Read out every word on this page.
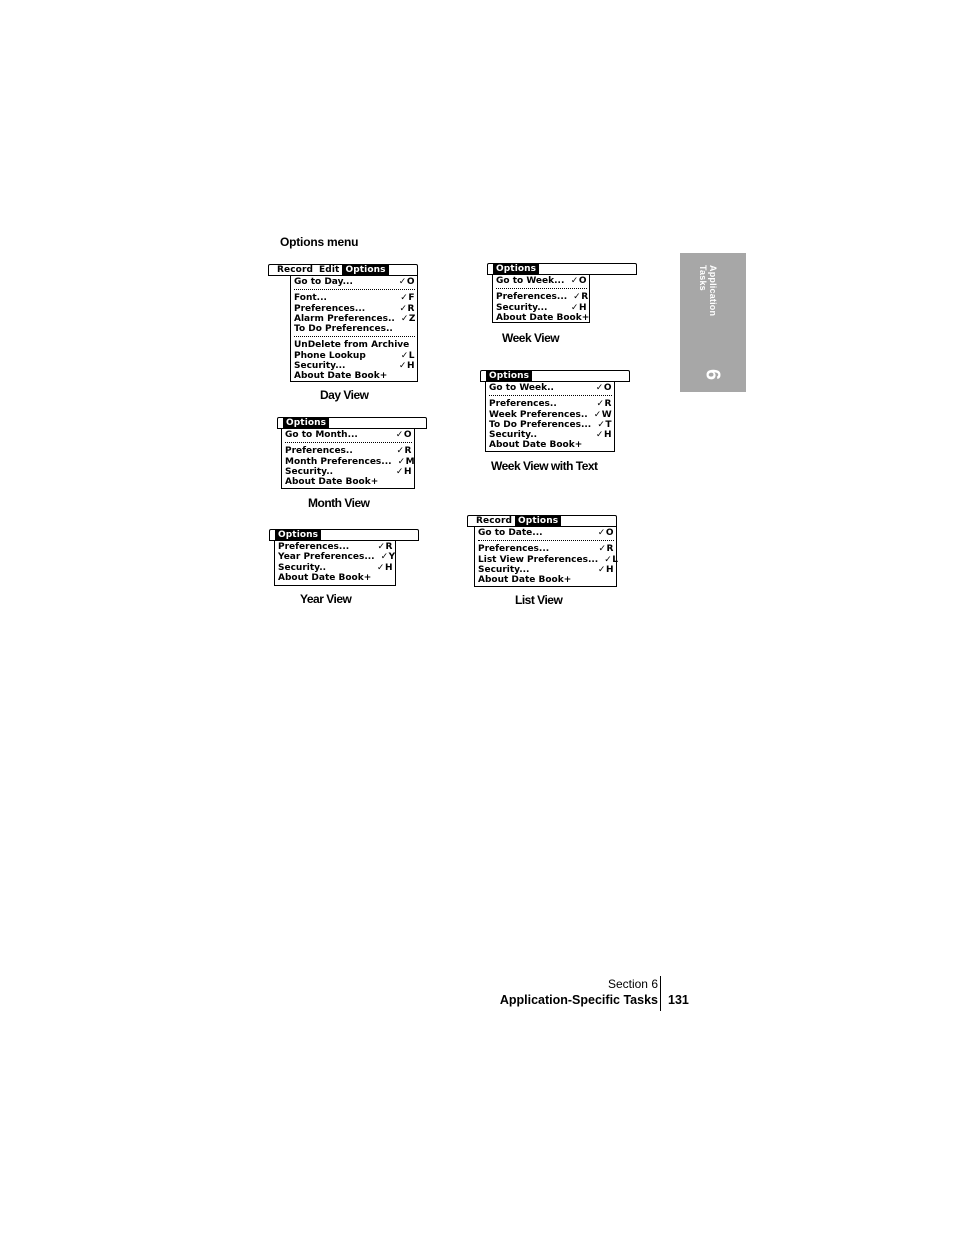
Options menu
Record Edit Options
Go to Day...	✓O
Font...	✓F
Preferences...	✓R
Alarm Preferences.. ✓Z
To Do Preferences..
UnDelete from Archive
Phone Lookup	✓L
Security...	✓H
About Date Book+
Day View
Options
Go to Week... ✓O
Preferences... ✓R
Security...	✓H
About Date Book+
Week View
Options
Go to Week..	✓O
Preferences..	✓R
Week Preferences.. ✓W
To Do Preferences... ✓T
Security..	✓H
About Date Book+
Week View with Text
Options
Go to Month...	✓O
Preferences..	✓R
Month Preferences... ✓M
Security..	✓H
About Date Book+
Month View
Options
Preferences...	✓R
Year Preferences... ✓Y
Security..	✓H
About Date Book+
Year View
Record Options
Go to Date...	✓O
Preferences...	✓R
List View Preferences... ✓L
Security...	✓H
About Date Book+
List View
Application
Tasks
6
Section 6
Application-Specific Tasks 131
